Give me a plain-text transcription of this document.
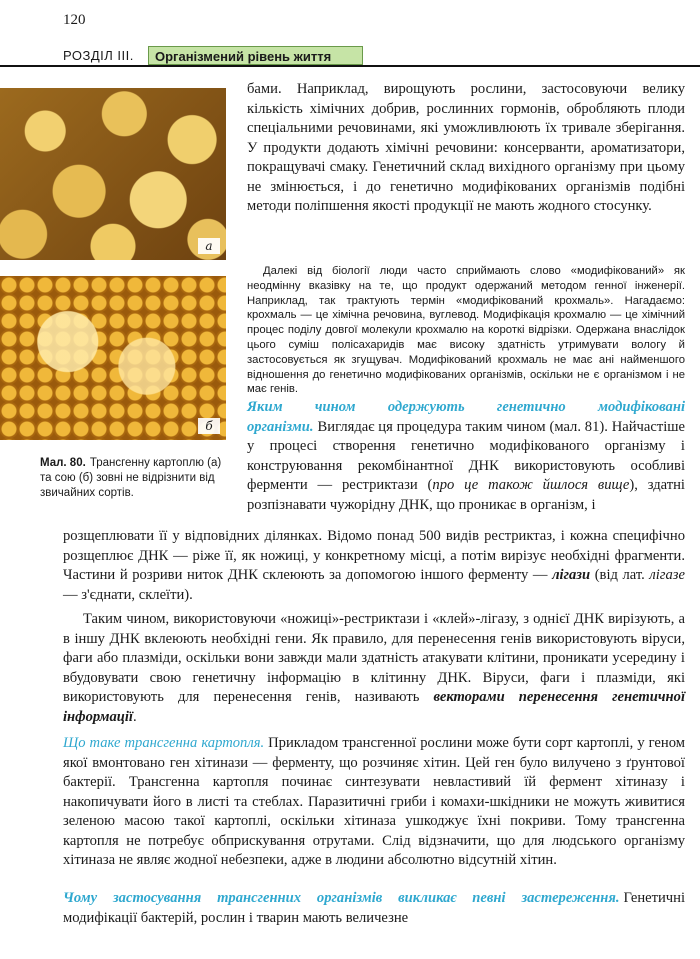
120
РОЗДІЛ III.	Організмений рівень життя
а
б
Мал. 80. Трансгенну картоплю (а) та сою (б) зовні не відрізнити від звичайних сортів.
бами. Наприклад, вирощують рослини, застосовуючи велику кількість хімічних добрив, рослинних гормонів, обробляють плоди спеціальними речовинами, які уможливлюють їх тривале зберігання. У продукти додають хімічні речовини: консерванти, ароматизатори, покращувачі смаку. Генетичний склад вихідного організму при цьому не змінюється, і до генетично модифікованих організмів подібні методи поліпшення якості продукції не мають жодного стосунку.
Далекі від біології люди часто сприймають слово «модифікований» як неодмінну вказівку на те, що продукт одержаний методом генної інженерії. Наприклад, так трактують термін «модифікований крохмаль». Нагадаємо: крохмаль — це хімічна речовина, вуглевод. Модифікація крохмалю — це хімічний процес поділу довгої молекули крохмалю на короткі відрізки. Одержана внаслідок цього суміш полісахаридів має високу здатність утримувати вологу й застосовується як згущувач. Модифікований крохмаль не має ані найменшого відношення до генетично модифікованих організмів, оскільки не є організмом і не має генів.
Яким чином одержують генетично модифіковані організми. Виглядає ця процедура таким чином (мал. 81). Найчастіше у процесі створення генетично модифікованого організму і конструювання рекомбінантної ДНК використовують особливі ферменти — рестриктази (про це також йшлося вище), здатні розпізнавати чужорідну ДНК, що проникає в організм, і
розщеплювати її у відповідних ділянках. Відомо понад 500 видів рестриктаз, і кожна специфічно розщеплює ДНК — ріже її, як ножиці, у конкретному місці, а потім вирізує необхідні фрагменти. Частини й розриви ниток ДНК склеюють за допомогою іншого ферменту — лігази (від лат. лігазе — з'єднати, склеїти).
Таким чином, використовуючи «ножиці»-рестриктази і «клей»-лігазу, з однієї ДНК вирізують, а в іншу ДНК вклеюють необхідні гени. Як правило, для перенесення генів використовують віруси, фаги або плазміди, оскільки вони завжди мали здатність атакувати клітини, проникати усередину і вбудовувати свою генетичну інформацію в клітинну ДНК. Віруси, фаги і плазміди, які використовують для перенесення генів, називають векторами перенесення генетичної інформації.
Що таке трансгенна картопля. Прикладом трансгенної рослини може бути сорт картоплі, у геном якої вмонтовано ген хітинази — ферменту, що розчиняє хітин. Цей ген було вилучено з ґрунтової бактерії. Трансгенна картопля починає синтезувати невластивий їй фермент хітиназу і накопичувати його в листі та стеблах. Паразитичні гриби і комахи-шкідники не можуть живитися зеленою масою такої картоплі, оскільки хітиназа ушкоджує їхні покриви. Тому трансгенна картопля не потребує обприскування отрутами. Слід відзначити, що для людського організму хітиназа не являє жодної небезпеки, адже в людини абсолютно відсутній хітин.
Чому застосування трансгенних організмів викликає певні застереження. Генетичні модифікації бактерій, рослин і тварин мають величезне
